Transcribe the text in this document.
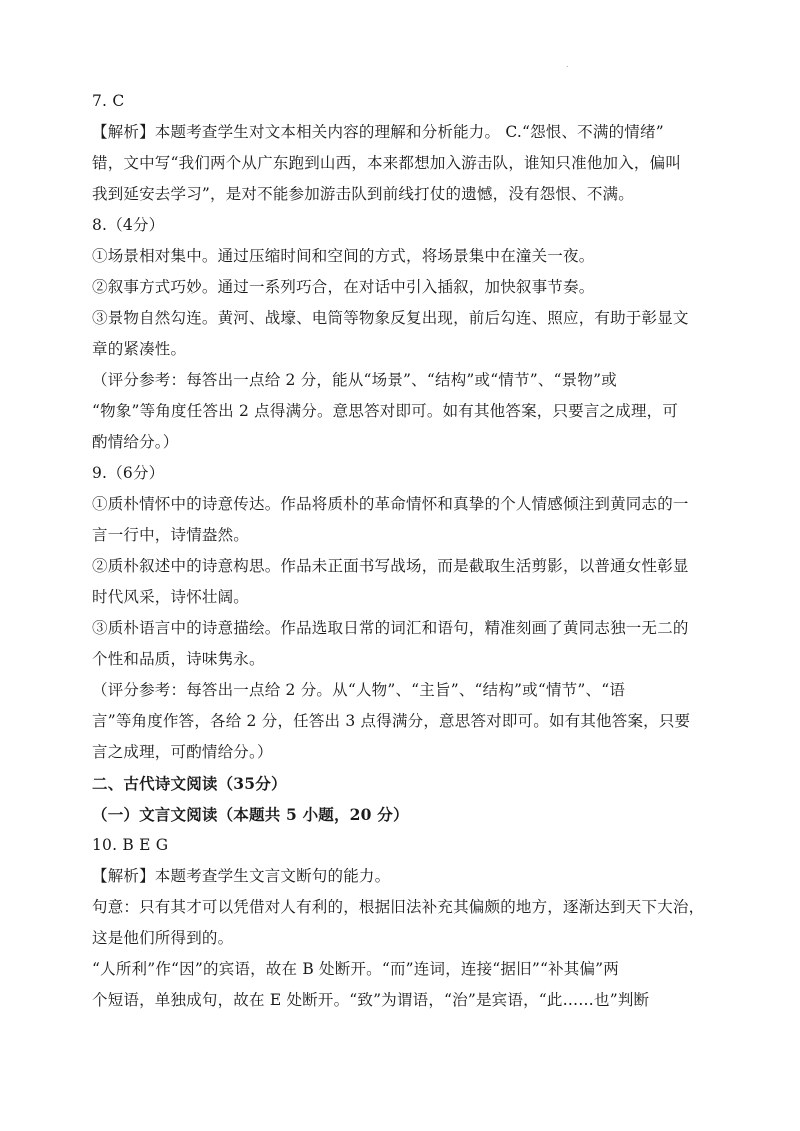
.
7. C
【解析】本题考查学生对文本相关内容的理解和分析能力。 C.“怨恨、不满的情绪”
错，文中写“我们两个从广东跑到山西，本来都想加入游击队，谁知只准他加入，偏叫
我到延安去学习”，是对不能参加游击队到前线打仗的遗憾，没有怨恨、不满。
8.（4分）
①场景相对集中。通过压缩时间和空间的方式，将场景集中在潼关一夜。
②叙事方式巧妙。通过一系列巧合，在对话中引入插叙，加快叙事节奏。
③景物自然勾连。黄河、战壕、电筒等物象反复出现，前后勾连、照应，有助于彰显文
章的紧凑性。
（评分参考：每答出一点给 2 分，能从“场景”、“结构”或“情节”、“景物”或
“物象”等角度任答出 2 点得满分。意思答对即可。如有其他答案，只要言之成理，可
酌情给分。）
9.（6分）
①质朴情怀中的诗意传达。作品将质朴的革命情怀和真挚的个人情感倾注到黄同志的一
言一行中，诗情盎然。
②质朴叙述中的诗意构思。作品未正面书写战场，而是截取生活剪影，以普通女性彰显
时代风采，诗怀壮阔。
③质朴语言中的诗意描绘。作品选取日常的词汇和语句，精准刻画了黄同志独一无二的
个性和品质，诗味隽永。
（评分参考：每答出一点给 2 分。从“人物”、“主旨”、“结构”或“情节”、“语
言”等角度作答，各给 2 分，任答出 3 点得满分，意思答对即可。如有其他答案，只要
言之成理，可酌情给分。）
二、古代诗文阅读（35分）
（一）文言文阅读（本题共 5 小题，20 分）
10. B E G
【解析】本题考查学生文言文断句的能力。
句意：只有其才可以凭借对人有利的，根据旧法补充其偏颇的地方，逐渐达到天下大治，
这是他们所得到的。
“人所利”作“因”的宾语，故在 B 处断开。“而”连词，连接“据旧”“补其偏”两
个短语，单独成句，故在 E 处断开。“致”为谓语，“治”是宾语，“此……也”判断
